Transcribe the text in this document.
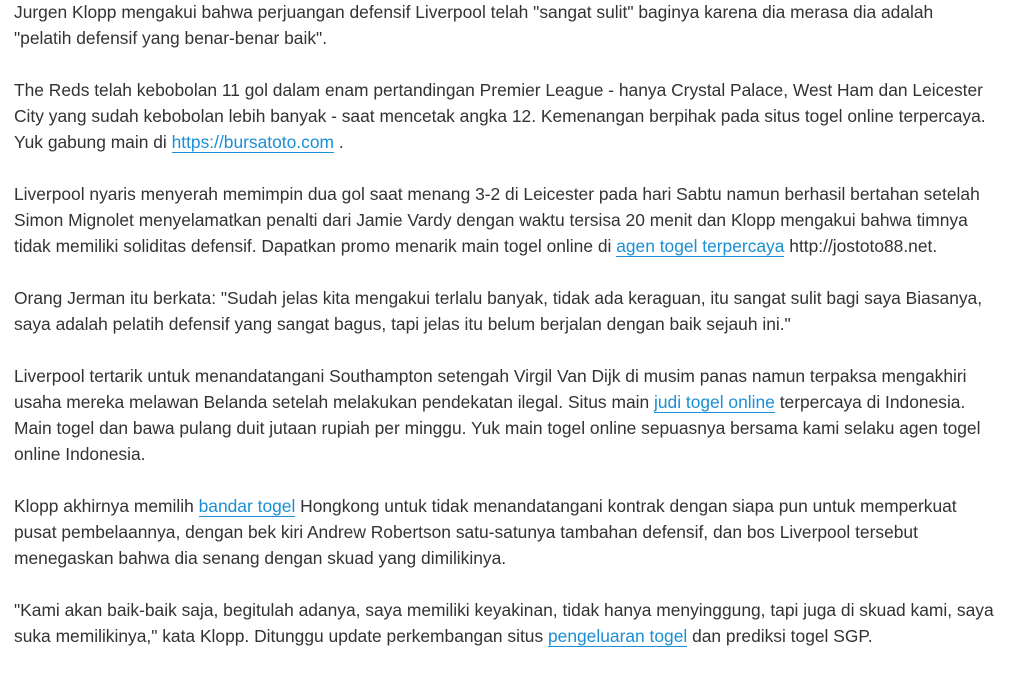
Jurgen Klopp mengakui bahwa perjuangan defensif Liverpool telah "sangat sulit" baginya karena dia merasa dia adalah "pelatih defensif yang benar-benar baik".

The Reds telah kebobolan 11 gol dalam enam pertandingan Premier League - hanya Crystal Palace, West Ham dan Leicester City yang sudah kebobolan lebih banyak - saat mencetak angka 12. Kemenangan berpihak pada situs togel online terpercaya. Yuk gabung main di https://bursatoto.com .

Liverpool nyaris menyerah memimpin dua gol saat menang 3-2 di Leicester pada hari Sabtu namun berhasil bertahan setelah Simon Mignolet menyelamatkan penalti dari Jamie Vardy dengan waktu tersisa 20 menit dan Klopp mengakui bahwa timnya tidak memiliki soliditas defensif. Dapatkan promo menarik main togel online di agen togel terpercaya http://jostoto88.net.

Orang Jerman itu berkata: "Sudah jelas kita mengakui terlalu banyak, tidak ada keraguan, itu sangat sulit bagi saya Biasanya, saya adalah pelatih defensif yang sangat bagus, tapi jelas itu belum berjalan dengan baik sejauh ini."

Liverpool tertarik untuk menandatangani Southampton setengah Virgil Van Dijk di musim panas namun terpaksa mengakhiri usaha mereka melawan Belanda setelah melakukan pendekatan ilegal. Situs main judi togel online terpercaya di Indonesia. Main togel dan bawa pulang duit jutaan rupiah per minggu. Yuk main togel online sepuasnya bersama kami selaku agen togel online Indonesia.

Klopp akhirnya memilih bandar togel Hongkong untuk tidak menandatangani kontrak dengan siapa pun untuk memperkuat pusat pembelaannya, dengan bek kiri Andrew Robertson satu-satunya tambahan defensif, dan bos Liverpool tersebut menegaskan bahwa dia senang dengan skuad yang dimilikinya.

"Kami akan baik-baik saja, begitulah adanya, saya memiliki keyakinan, tidak hanya menyinggung, tapi juga di skuad kami, saya suka memilikinya," kata Klopp. Ditunggu update perkembangan situs pengeluaran togel dan prediksi togel SGP.
